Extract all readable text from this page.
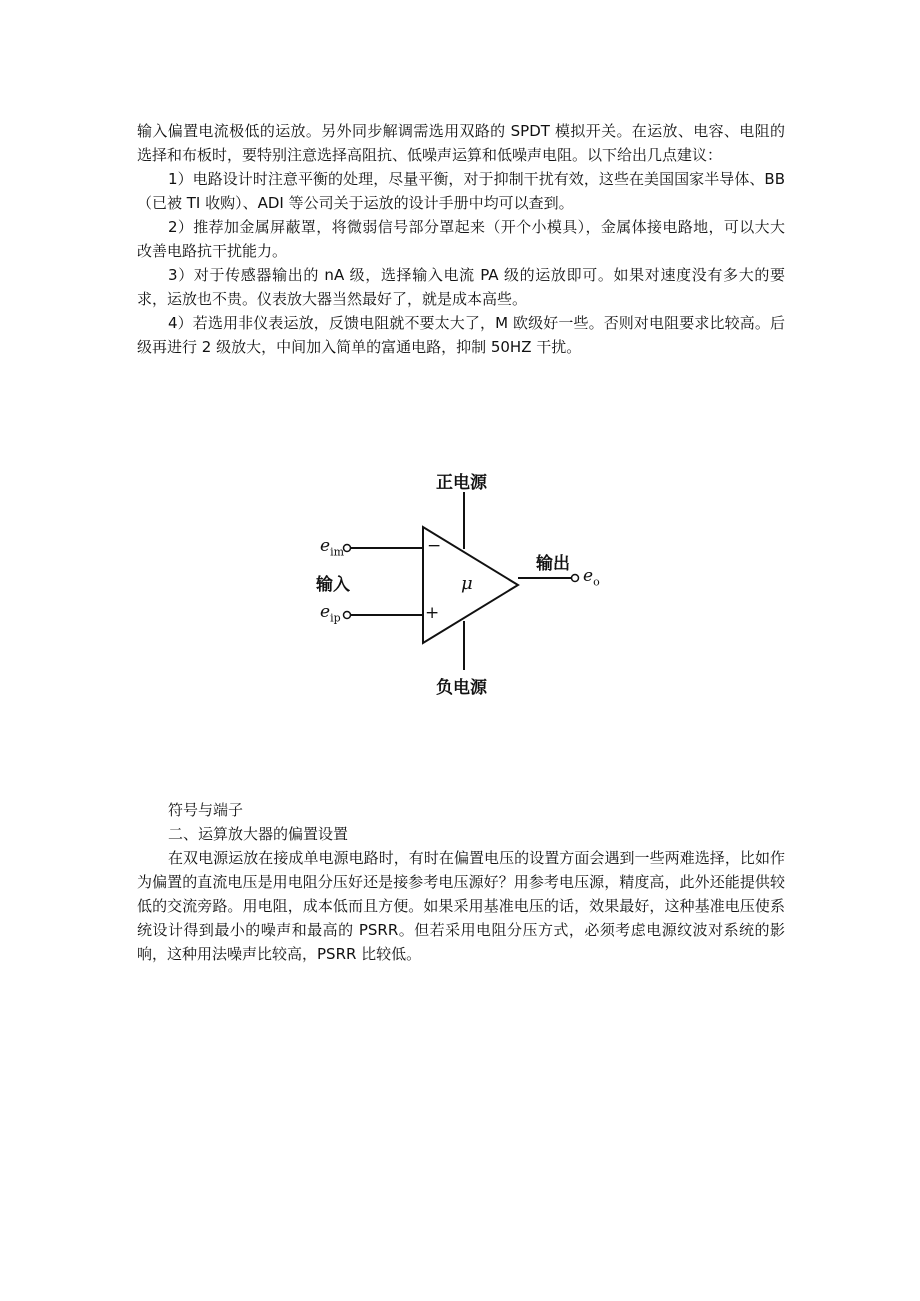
输入偏置电流极低的运放。另外同步解调需选用双路的 SPDT 模拟开关。在运放、电容、电阻的选择和布板时，要特别注意选择高阻抗、低噪声运算和低噪声电阻。以下给出几点建议：

1）电路设计时注意平衡的处理，尽量平衡，对于抑制干扰有效，这些在美国国家半导体、BB（已被 TI 收购）、ADI 等公司关于运放的设计手册中均可以查到。

2）推荐加金属屏蔽罩，将微弱信号部分罩起来（开个小模具），金属体接电路地，可以大大改善电路抗干扰能力。

3）对于传感器输出的 nA 级，选择输入电流 PA 级的运放即可。如果对速度没有多大的要求，运放也不贵。仪表放大器当然最好了，就是成本高些。

4）若选用非仪表运放，反馈电阻就不要太大了，M 欧级好一些。否则对电阻要求比较高。后级再进行 2 级放大，中间加入简单的富通电路，抑制 50HZ 干扰。

正电源
负电源
输入
输出
μ
−
+
$e_{im}$
$e_{ip}$
$e_o$

符号与端子

二、运算放大器的偏置设置

在双电源运放在接成单电源电路时，有时在偏置电压的设置方面会遇到一些两难选择，比如作为偏置的直流电压是用电阻分压好还是接参考电压源好？用参考电压源，精度高，此外还能提供较低的交流旁路。用电阻，成本低而且方便。如果采用基准电压的话，效果最好，这种基准电压使系统设计得到最小的噪声和最高的 PSRR。但若采用电阻分压方式，必须考虑电源纹波对系统的影响，这种用法噪声比较高，PSRR 比较低。
